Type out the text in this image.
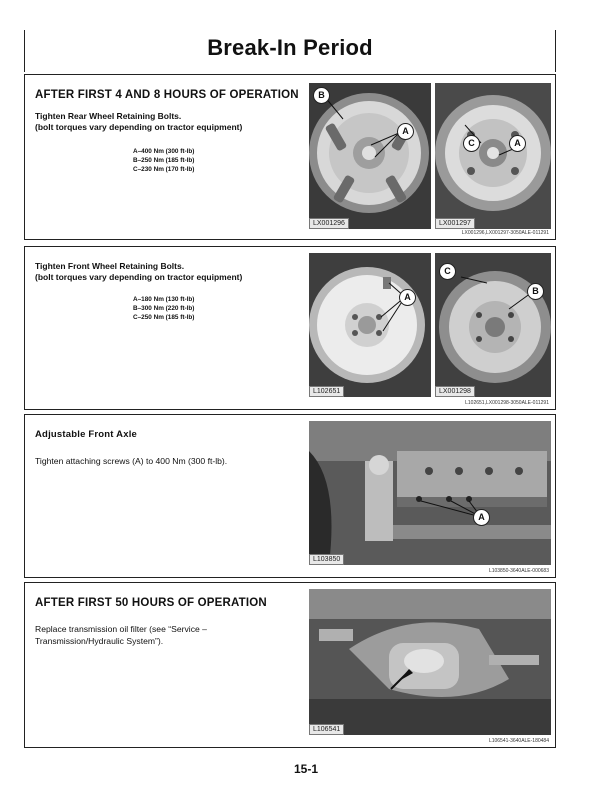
Break-In Period
AFTER FIRST 4 AND 8 HOURS OF OPERATION
Tighten Rear Wheel Retaining Bolts.
(bolt torques vary depending on tractor equipment)
A–400 Nm (300 ft-lb)
B–250 Nm (185 ft-lb)
C–230 Nm (170 ft-lb)
B
A
LX001296
C	A
LX001297
LX001296,LX001297-3050ALE-011291
Tighten Front Wheel Retaining Bolts.
(bolt torques vary depending on tractor equipment)
A–180 Nm (130 ft-lb)
B–300 Nm (220 ft-lb)
C–250 Nm (185 ft-lb)
A
L102651
C
B
LX001298
L102651,LX001298-3050ALE-011291
Adjustable Front Axle
Tighten attaching screws (A) to 400 Nm (300 ft-lb).
A
L103850
L103850-3640ALE-000683
AFTER FIRST 50 HOURS OF OPERATION
Replace transmission oil filter (see “Service –
Transmission/Hydraulic System”).
L106541
L106541-3640ALE-180484
15-1
